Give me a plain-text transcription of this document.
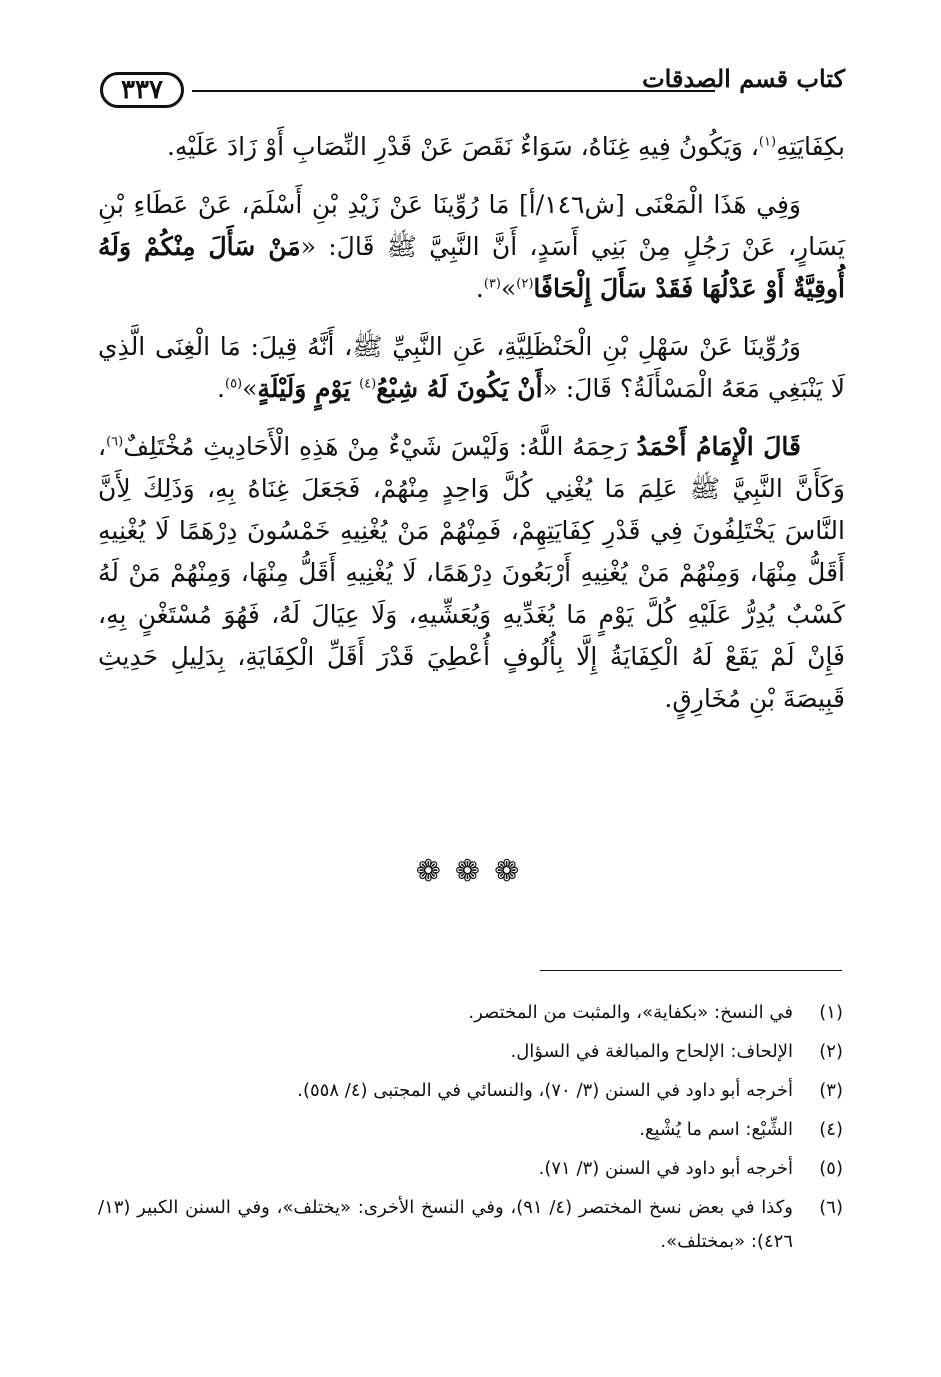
٣٣٧	كتاب قسم الصدقات

بكِفَايَتِهِ$^{(١)}$، وَيَكُونُ فِيهِ غِنَاهُ، سَوَاءٌ نَقَصَ عَنْ قَدْرِ النِّصَابِ أَوْ زَادَ عَلَيْهِ.

وَفِي هَذَا الْمَعْنَى [ش١٤٦/أ] مَا رُوِّينَا عَنْ زَيْدِ بْنِ أَسْلَمَ، عَنْ عَطَاءِ بْنِ يَسَارٍ، عَنْ رَجُلٍ مِنْ بَنِي أَسَدٍ، أَنَّ النَّبِيَّ ﷺ قَالَ: «مَنْ سَأَلَ مِنْكُمْ وَلَهُ أُوقِيَّةٌ أَوْ عَدْلُهَا فَقَدْ سَأَلَ إِلْحَافًا$^{(٢)}$»$^{(٣)}$.

وَرُوِّينَا عَنْ سَهْلِ بْنِ الْحَنْظَلِيَّةِ، عَنِ النَّبِيِّ ﷺ، أَنَّهُ قِيلَ: مَا الْغِنَى الَّذِي لَا يَنْبَغِي مَعَهُ الْمَسْأَلَةُ؟ قَالَ: «أَنْ يَكُونَ لَهُ شِبْعُ$^{(٤)}$ يَوْمٍ وَلَيْلَةٍ»$^{(٥)}$.

قَالَ الْإِمَامُ أَحْمَدُ رَحِمَهُ اللَّهُ: وَلَيْسَ شَيْءٌ مِنْ هَذِهِ الْأَحَادِيثِ مُخْتَلِفٌ$^{(٦)}$، وَكَأَنَّ النَّبِيَّ ﷺ عَلِمَ مَا يُغْنِي كُلَّ وَاحِدٍ مِنْهُمْ، فَجَعَلَ غِنَاهُ بِهِ، وَذَلِكَ لِأَنَّ النَّاسَ يَخْتَلِفُونَ فِي قَدْرِ كِفَايَتِهِمْ، فَمِنْهُمْ مَنْ يُغْنِيهِ خَمْسُونَ دِرْهَمًا لَا يُغْنِيهِ أَقَلُّ مِنْهَا، وَمِنْهُمْ مَنْ يُغْنِيهِ أَرْبَعُونَ دِرْهَمًا، لَا يُغْنِيهِ أَقَلُّ مِنْهَا، وَمِنْهُمْ مَنْ لَهُ كَسْبٌ يُدِرُّ عَلَيْهِ كُلَّ يَوْمٍ مَا يُغَدِّيهِ وَيُعَشِّيهِ، وَلَا عِيَالَ لَهُ، فَهُوَ مُسْتَغْنٍ بِهِ، فَإِنْ لَمْ يَقَعْ لَهُ الْكِفَايَةُ إِلَّا بِأُلُوفٍ أُعْطِيَ قَدْرَ أَقَلِّ الْكِفَايَةِ، بِدَلِيلِ حَدِيثِ قَبِيصَةَ بْنِ مُخَارِقٍ.

❁ ❁ ❁
(١)
في النسخ: «بكفاية»، والمثبت من المختصر.
(٢)
الإلحاف: الإلحاح والمبالغة في السؤال.
(٣)
أخرجه أبو داود في السنن (٣/ ٧٠)، والنسائي في المجتبى (٤/ ٥٥٨).
(٤)
الشِّبْع: اسم ما يُشْبِع.
(٥)
أخرجه أبو داود في السنن (٣/ ٧١).
(٦)
وكذا في بعض نسخ المختصر (٤/ ٩١)، وفي النسخ الأخرى: «يختلف»، وفي السنن الكبير (١٣/ ٤٢٦): «بمختلف».
